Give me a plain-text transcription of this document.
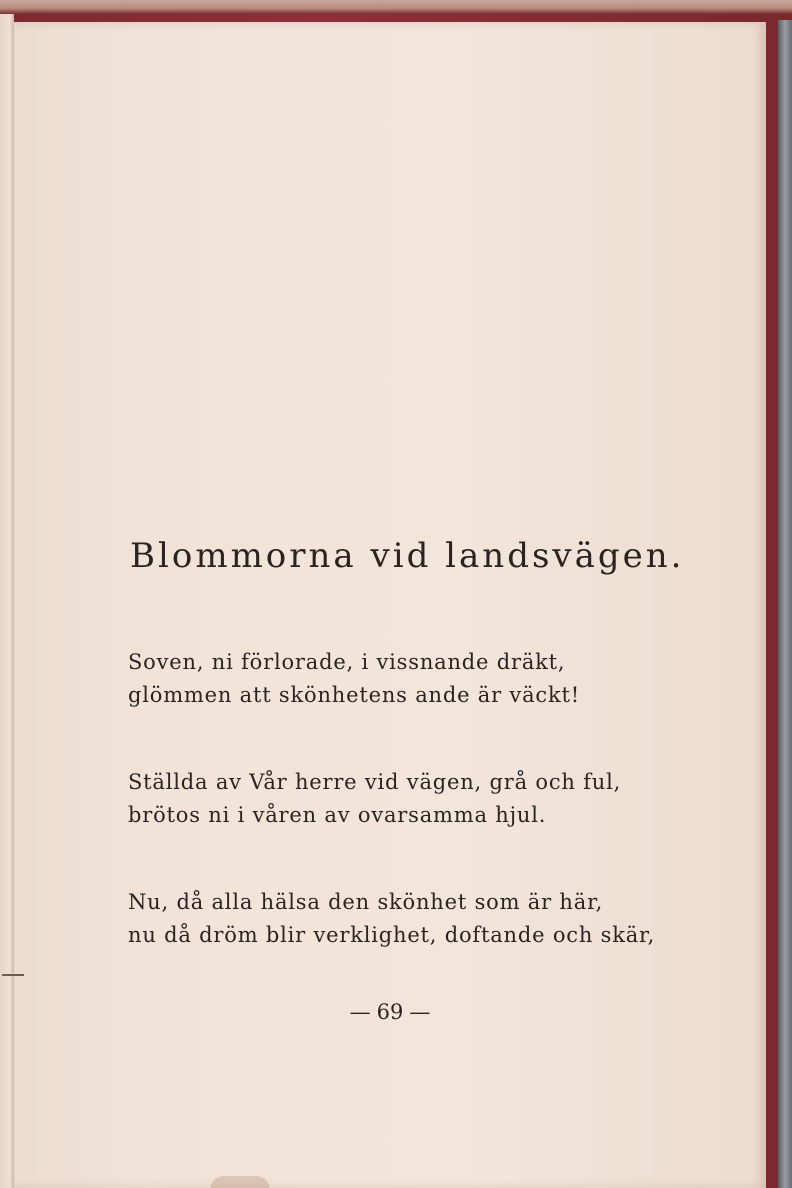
Blommorna vid landsvägen.

Soven, ni förlorade, i vissnande dräkt,
glömmen att skönhetens ande är väckt!

Ställda av Vår herre vid vägen, grå och ful,
brötos ni i våren av ovarsamma hjul.

Nu, då alla hälsa den skönhet som är här,
nu då dröm blir verklighet, doftande och skär,

— 69 —
